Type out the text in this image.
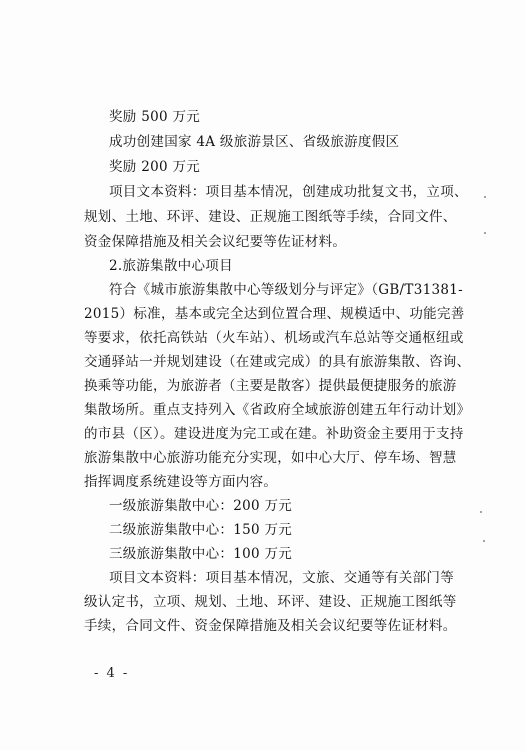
奖励 500 万元
成功创建国家 4A 级旅游景区、省级旅游度假区
奖励 200 万元
项目文本资料：项目基本情况，创建成功批复文书，立项、
规划、土地、环评、建设、正规施工图纸等手续，合同文件、
资金保障措施及相关会议纪要等佐证材料。
2.旅游集散中心项目
符合《城市旅游集散中心等级划分与评定》（GB/T31381-
2015）标准，基本或完全达到位置合理、规模适中、功能完善
等要求，依托高铁站（火车站）、机场或汽车总站等交通枢纽或
交通驿站一并规划建设（在建或完成）的具有旅游集散、咨询、
换乘等功能，为旅游者（主要是散客）提供最便捷服务的旅游
集散场所。重点支持列入《省政府全域旅游创建五年行动计划》
的市县（区）。建设进度为完工或在建。补助资金主要用于支持
旅游集散中心旅游功能充分实现，如中心大厅、停车场、智慧
指挥调度系统建设等方面内容。
一级旅游集散中心：200 万元
二级旅游集散中心：150 万元
三级旅游集散中心：100 万元
项目文本资料：项目基本情况，文旅、交通等有关部门等
级认定书，立项、规划、土地、环评、建设、正规施工图纸等
手续，合同文件、资金保障措施及相关会议纪要等佐证材料。
- 4 -
